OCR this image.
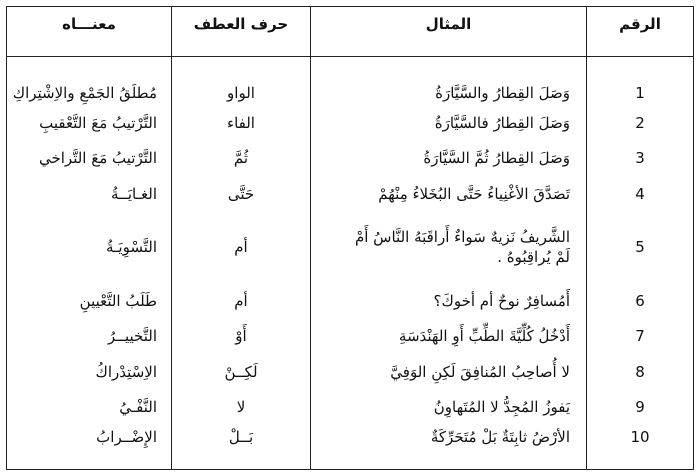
الرقم	المثال	حرف العطف	معنـــاه
1	وَصَلَ القِطارُ والسَّيَّارَةُ	الواو	مُطلَقُ الجَمْعِ والاِشْتِراكِ
2	وَصَلَ القِطارُ فالسَّيَّارَةُ	الفاء	التَّرْتيبُ مَعَ التَّعْقيبِ
3	وَصَلَ القِطارُ ثُمَّ السَّيَّارَةُ	ثُمَّ	التَّرْتيبُ مَعَ التَّراخي
4	تَصَدَّقَ الأغْنِياءُ حَتَّى البُخَلاءُ مِنْهُمْ	حَتَّى	الغـايَــةُ
5	الشَّريفُ نَزيهٌ سَواءٌ أَراقَبَهُ النَّاسُ أَمْ
لَمْ يُراقِبُوهُ .	أم	التَّسْوِيَـةُ
6	أَمُسافِرٌ نوحٌ أم أخوكَ؟	أم	طَلَبُ التَّعْيينِ
7	أَدْخُلُ كُلِّيَّةَ الطِّبِّ أَوِ الهَنْدَسَةِ	أَوْ	التَّخييــرُ
8	لا أُصاحِبُ المُنافِقَ لَكِنِ الوَفِيَّ	لَكِــنْ	الاِسْتِدْراكُ
9	يَفوزُ المُجِدُّ لا المُتَهاوِنُ	لا	النَّفْـيُ
10	الأرْضُ ثابِتَةٌ بَلْ مُتَحَرِّكَةٌ	بَــلْ	الإِضْــرابُ
